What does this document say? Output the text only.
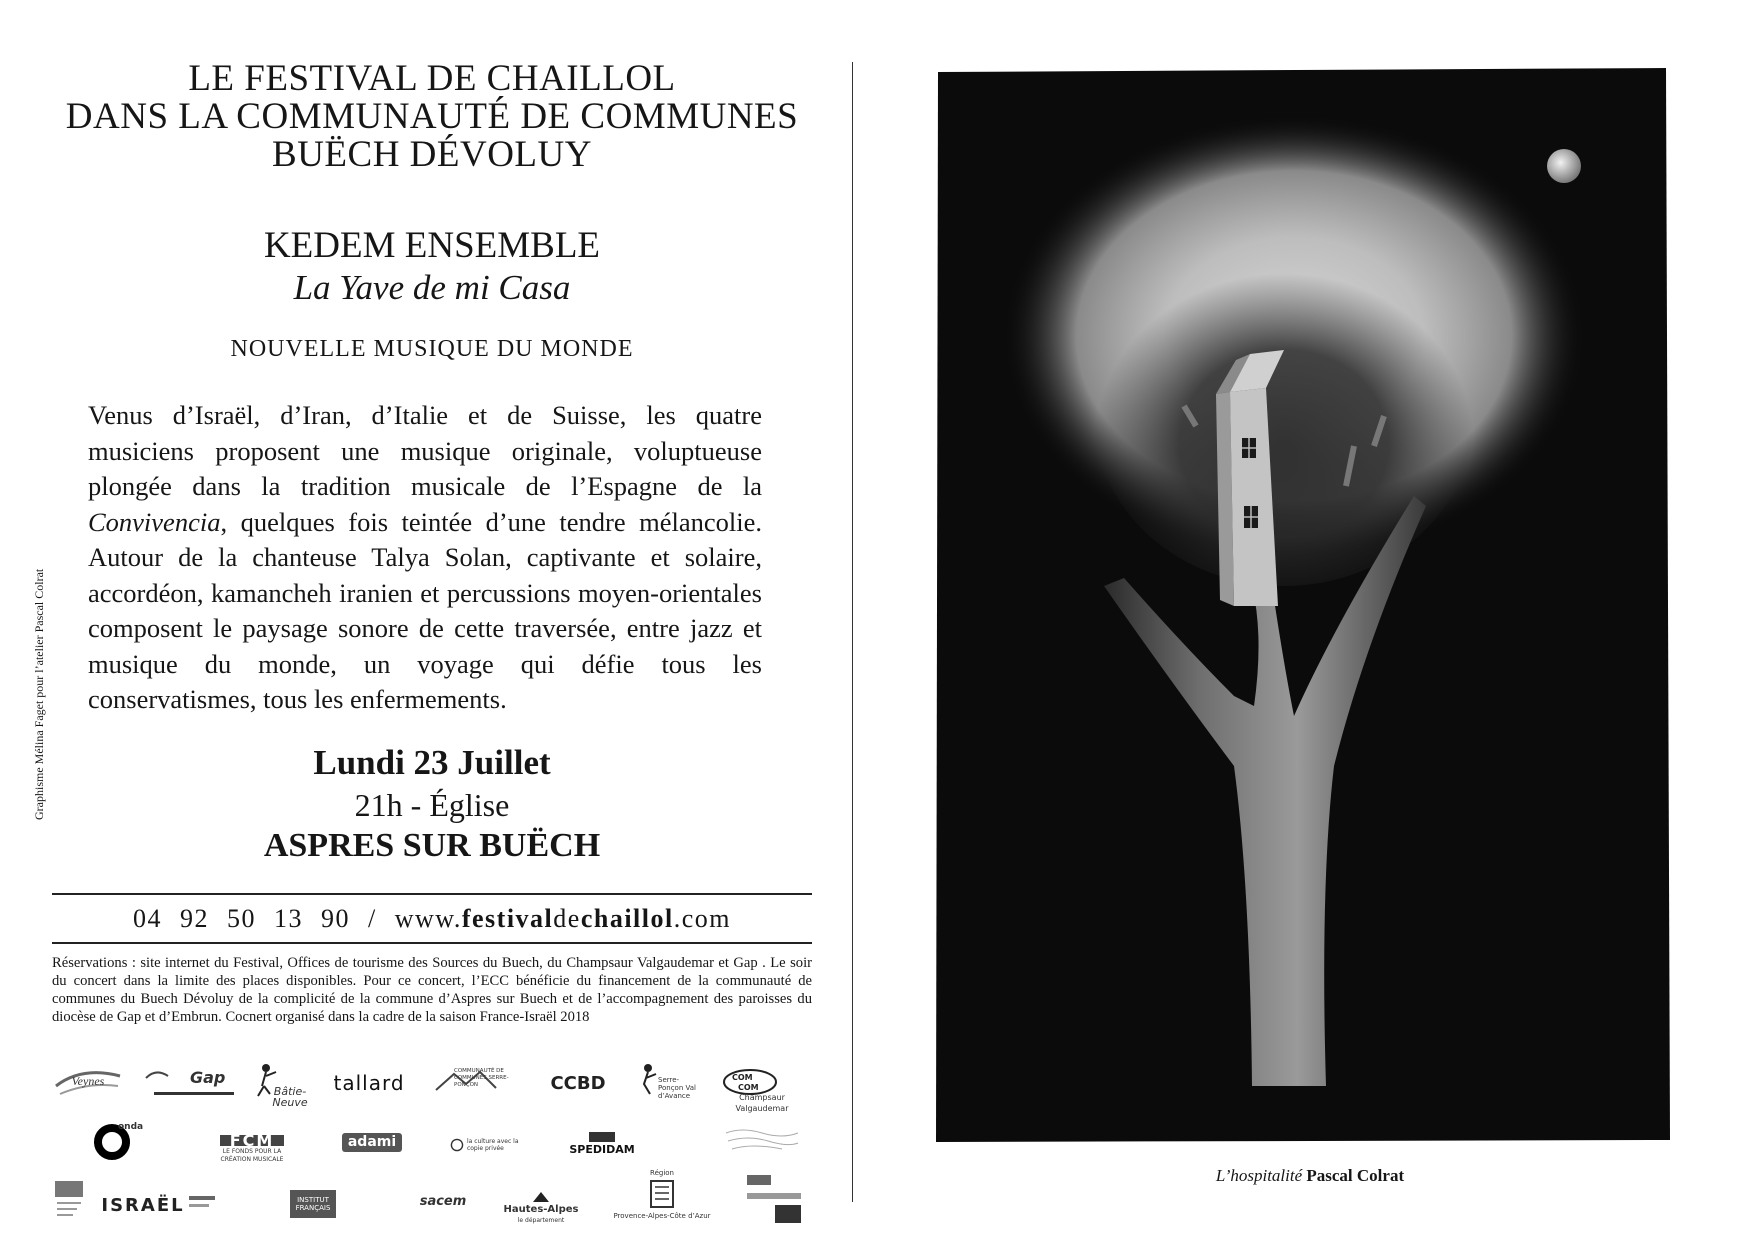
LE FESTIVAL DE CHAILLOL
DANS LA COMMUNAUTÉ DE COMMUNES
BUËCH DÉVOLUY
KEDEM ENSEMBLE
La Yave de mi Casa
NOUVELLE MUSIQUE DU MONDE
Venus d’Israël, d’Iran, d’Italie et de Suisse, les quatre musiciens proposent une musique originale, voluptueuse plongée dans la tradition musicale de l’Espagne de la Convivencia, quelques fois teintée d’une tendre mélancolie. Autour de la chanteuse Talya Solan, captivante et solaire, accordéon, kamancheh iranien et percussions moyen-orientales composent le paysage sonore de cette traversée, entre jazz et musique du monde, un voyage qui défie tous les conservatismes, tous les enfermements.
Lundi 23 Juillet
21h - Église
ASPRES SUR BUËCH
04 92 50 13 90 / www.festivaldechaillol.com
Réservations : site internet du Festival, Offices de tourisme des Sources du Buech, du Champsaur Valgaudemar et Gap . Le soir du concert dans la limite des places disponibles. Pour ce concert, l’ECC bénéficie du financement de la communauté de communes du Buech Dévoluy de la complicité de la commune d’Aspres sur Buech et de l’accompagnement des paroisses du diocèse de Gap et d’Embrun. Cocnert organisé dans la cadre de la saison France-Israël 2018
Graphisme Mélina Faget pour l’atelier Pascal Colrat
Veynes	Gap
Bâtie-Neuve
tallard	COMMUNAUTÉ DE COMMUNES SERRE-PONÇON	CCBD	Serre-Ponçon Val d’Avance
COM
COM
Champsaur Valgaudemar
onda
FCM
LE FONDS POUR LA CRÉATION MUSICALE
adami	la culture avec la copie privée	SPEDIDAM
ISRAËL	INSTITUT FRANÇAIS	sacem
Hautes-Alpes
le département
Région
Provence-Alpes-Côte d’Azur
L’hospitalité Pascal Colrat
